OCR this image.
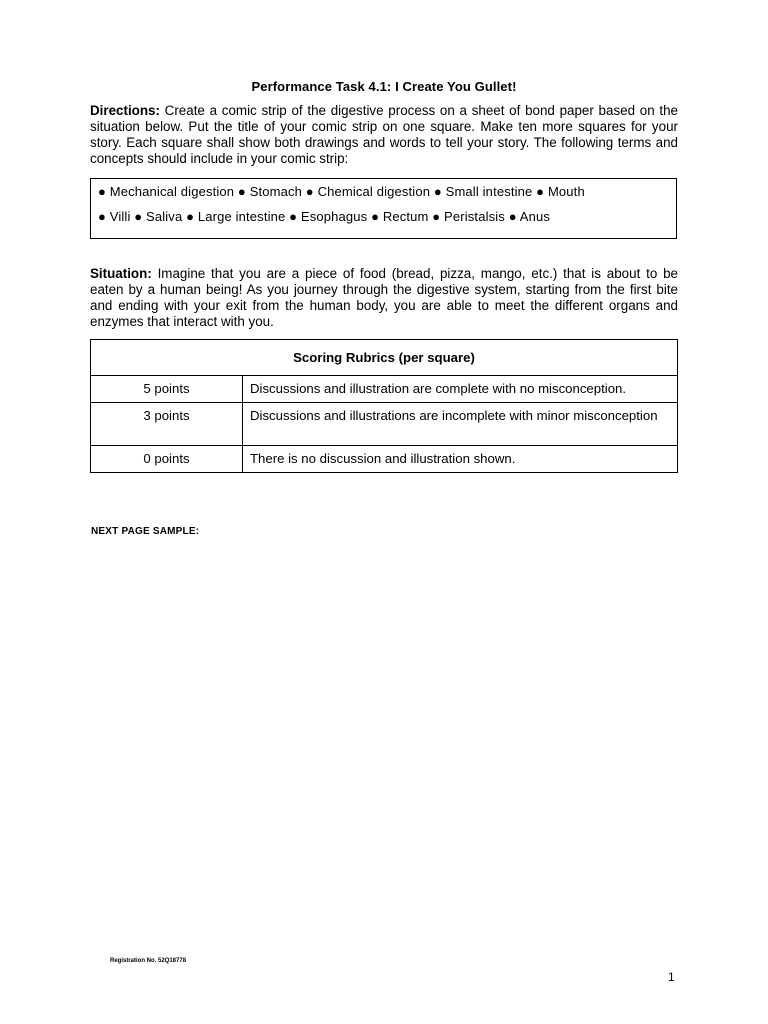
Performance Task 4.1: I Create You Gullet!
Directions: Create a comic strip of the digestive process on a sheet of bond paper based on the situation below. Put the title of your comic strip on one square. Make ten more squares for your story. Each square shall show both drawings and words to tell your story. The following terms and concepts should include in your comic strip:
● Mechanical digestion ● Stomach ● Chemical digestion ● Small intestine ● Mouth
● Villi ● Saliva ● Large intestine ● Esophagus ● Rectum ● Peristalsis ● Anus
Situation: Imagine that you are a piece of food (bread, pizza, mango, etc.) that is about to be eaten by a human being! As you journey through the digestive system, starting from the first bite and ending with your exit from the human body, you are able to meet the different organs and enzymes that interact with you.
Scoring Rubrics (per square)	
5 points	Discussions and illustration are complete with no misconception.
3 points	Discussions and illustrations are incomplete with minor misconception
0 points	There is no discussion and illustration shown.
NEXT PAGE SAMPLE:
Registration No. 52Q18778
1
